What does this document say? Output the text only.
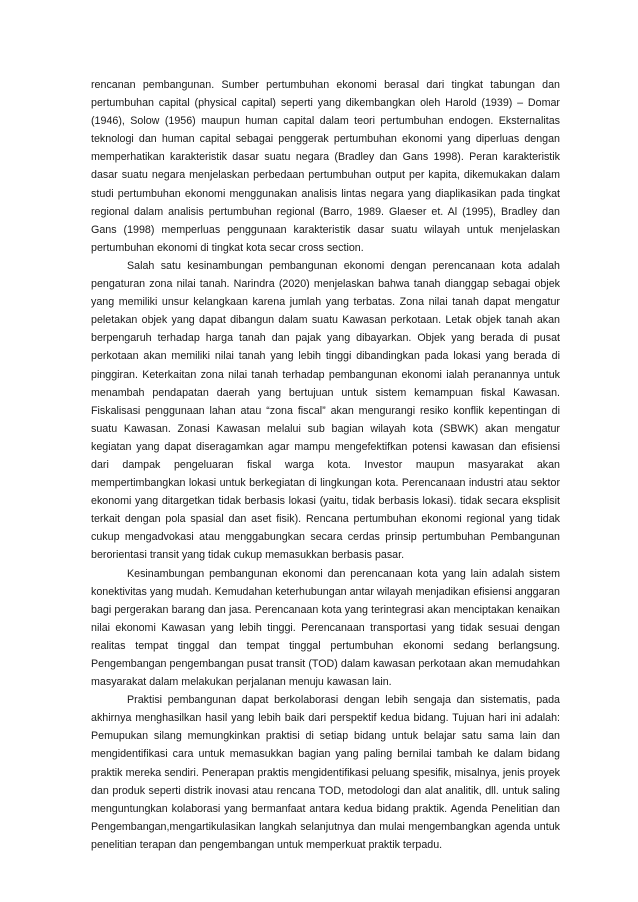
rencanan pembangunan. Sumber pertumbuhan ekonomi berasal dari tingkat tabungan dan pertumbuhan capital (physical capital) seperti yang dikembangkan oleh Harold (1939) – Domar (1946), Solow (1956) maupun human capital dalam teori pertumbuhan endogen. Eksternalitas teknologi dan human capital sebagai penggerak pertumbuhan ekonomi yang diperluas dengan memperhatikan karakteristik dasar suatu negara (Bradley dan Gans 1998). Peran karakteristik dasar suatu negara menjelaskan perbedaan pertumbuhan output per kapita, dikemukakan dalam studi pertumbuhan ekonomi menggunakan analisis lintas negara yang diaplikasikan pada tingkat regional dalam analisis pertumbuhan regional (Barro, 1989. Glaeser et. Al (1995), Bradley dan Gans (1998) memperluas penggunaan karakteristik dasar suatu wilayah untuk menjelaskan pertumbuhan ekonomi di tingkat kota secar cross section.

Salah satu kesinambungan pembangunan ekonomi dengan perencanaan kota adalah pengaturan zona nilai tanah. Narindra (2020) menjelaskan bahwa tanah dianggap sebagai objek yang memiliki unsur kelangkaan karena jumlah yang terbatas. Zona nilai tanah dapat mengatur peletakan objek yang dapat dibangun dalam suatu Kawasan perkotaan. Letak objek tanah akan berpengaruh terhadap harga tanah dan pajak yang dibayarkan. Objek yang berada di pusat perkotaan akan memiliki nilai tanah yang lebih tinggi dibandingkan pada lokasi yang berada di pinggiran. Keterkaitan zona nilai tanah terhadap pembangunan ekonomi ialah peranannya untuk menambah pendapatan daerah yang bertujuan untuk sistem kemampuan fiskal Kawasan. Fiskalisasi penggunaan lahan atau “zona fiscal” akan mengurangi resiko konflik kepentingan di suatu Kawasan. Zonasi Kawasan melalui sub bagian wilayah kota (SBWK) akan mengatur kegiatan yang dapat diseragamkan agar mampu mengefektifkan potensi kawasan dan efisiensi dari dampak pengeluaran fiskal warga kota. Investor maupun masyarakat akan mempertimbangkan lokasi untuk berkegiatan di lingkungan kota. Perencanaan industri atau sektor ekonomi yang ditargetkan tidak berbasis lokasi (yaitu, tidak berbasis lokasi). tidak secara eksplisit terkait dengan pola spasial dan aset fisik). Rencana pertumbuhan ekonomi regional yang tidak cukup mengadvokasi atau menggabungkan secara cerdas prinsip pertumbuhan Pembangunan berorientasi transit yang tidak cukup memasukkan berbasis pasar.

Kesinambungan pembangunan ekonomi dan perencanaan kota yang lain adalah sistem konektivitas yang mudah. Kemudahan keterhubungan antar wilayah menjadikan efisiensi anggaran bagi pergerakan barang dan jasa. Perencanaan kota yang terintegrasi akan menciptakan kenaikan nilai ekonomi Kawasan yang lebih tinggi. Perencanaan transportasi yang tidak sesuai dengan realitas tempat tinggal dan tempat tinggal pertumbuhan ekonomi sedang berlangsung. Pengembangan pengembangan pusat transit (TOD) dalam kawasan perkotaan akan memudahkan masyarakat dalam melakukan perjalanan menuju kawasan lain.

Praktisi pembangunan dapat berkolaborasi dengan lebih sengaja dan sistematis, pada akhirnya menghasilkan hasil yang lebih baik dari perspektif kedua bidang. Tujuan hari ini adalah: Pemupukan silang memungkinkan praktisi di setiap bidang untuk belajar satu sama lain dan mengidentifikasi cara untuk memasukkan bagian yang paling bernilai tambah ke dalam bidang praktik mereka sendiri. Penerapan praktis mengidentifikasi peluang spesifik, misalnya, jenis proyek dan produk seperti distrik inovasi atau rencana TOD, metodologi dan alat analitik, dll. untuk saling menguntungkan kolaborasi yang bermanfaat antara kedua bidang praktik. Agenda Penelitian dan Pengembangan,mengartikulasikan langkah selanjutnya dan mulai mengembangkan agenda untuk penelitian terapan dan pengembangan untuk memperkuat praktik terpadu.
